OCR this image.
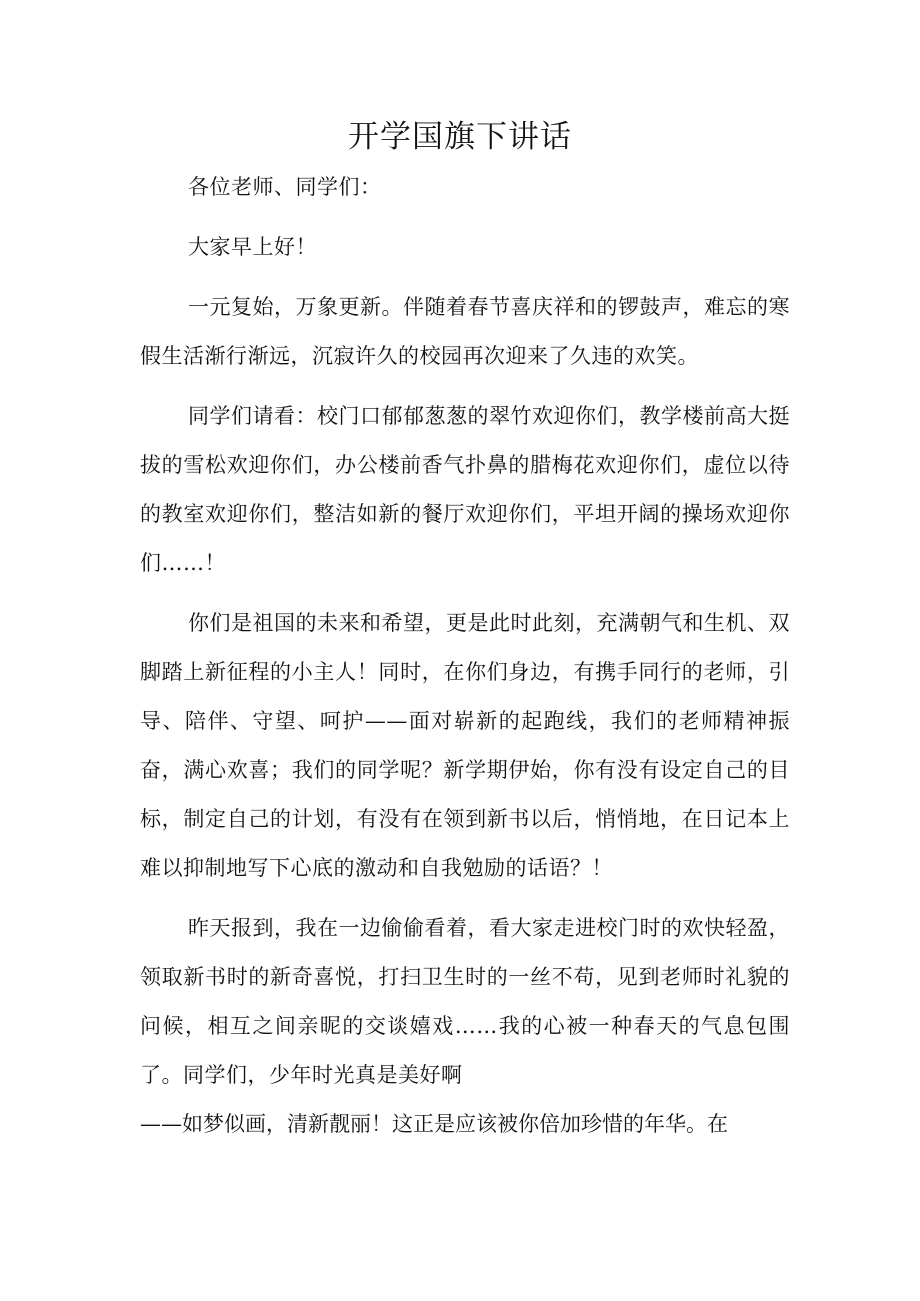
开学国旗下讲话

各位老师、同学们：

大家早上好！

一元复始，万象更新。伴随着春节喜庆祥和的锣鼓声，难忘的寒假生活渐行渐远，沉寂许久的校园再次迎来了久违的欢笑。

同学们请看：校门口郁郁葱葱的翠竹欢迎你们，教学楼前高大挺拔的雪松欢迎你们，办公楼前香气扑鼻的腊梅花欢迎你们，虚位以待的教室欢迎你们，整洁如新的餐厅欢迎你们，平坦开阔的操场欢迎你们……！

你们是祖国的未来和希望，更是此时此刻，充满朝气和生机、双脚踏上新征程的小主人！同时，在你们身边，有携手同行的老师，引导、陪伴、守望、呵护——面对崭新的起跑线，我们的老师精神振奋，满心欢喜；我们的同学呢？新学期伊始，你有没有设定自己的目标，制定自己的计划，有没有在领到新书以后，悄悄地，在日记本上难以抑制地写下心底的激动和自我勉励的话语？！

昨天报到，我在一边偷偷看着，看大家走进校门时的欢快轻盈，领取新书时的新奇喜悦，打扫卫生时的一丝不苟，见到老师时礼貌的问候，相互之间亲昵的交谈嬉戏……我的心被一种春天的气息包围了。同学们，少年时光真是美好啊

——如梦似画，清新靓丽！这正是应该被你倍加珍惜的年华。在
